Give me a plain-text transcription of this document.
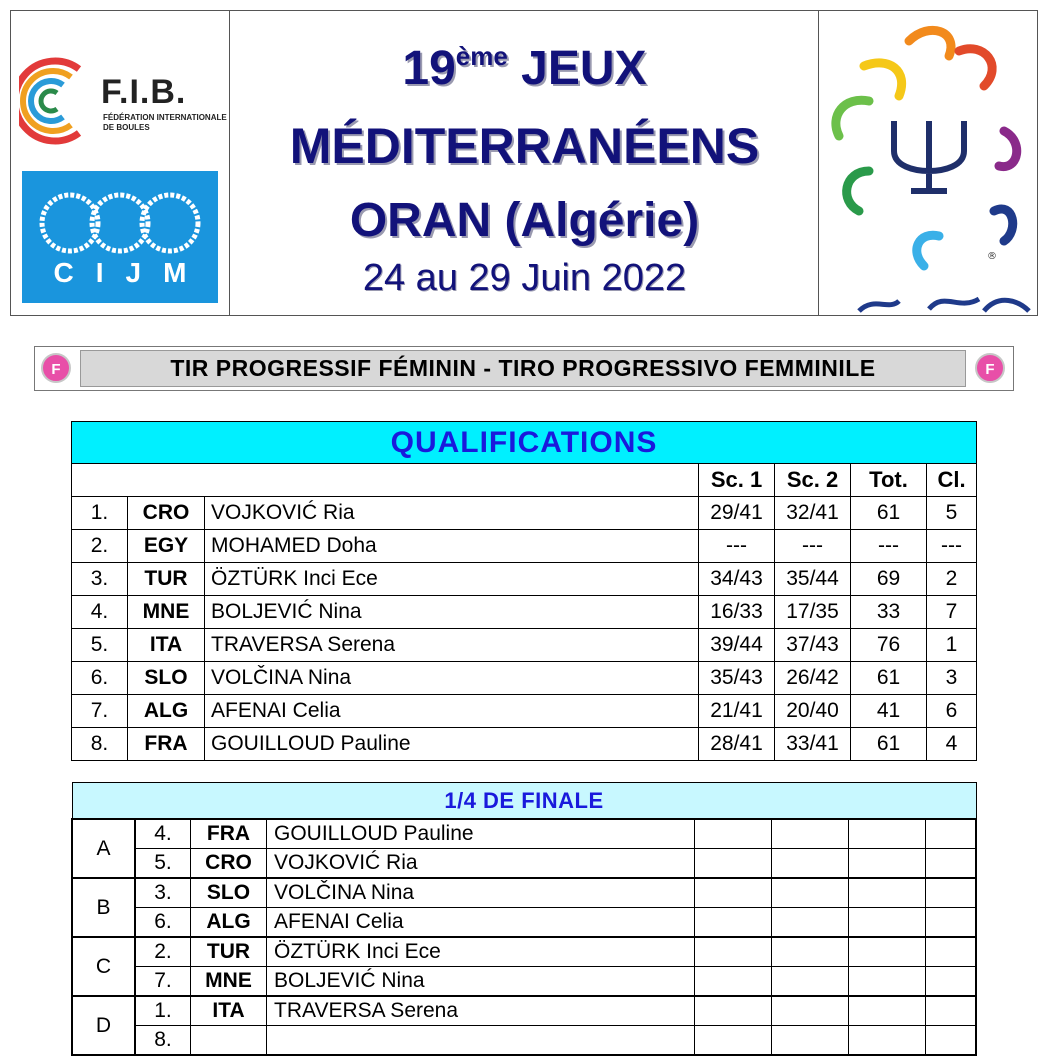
F.I.B.
FÉDÉRATION INTERNATIONALE DE BOULES
CIJM
19ème JEUX
MÉDITERRANÉENS
ORAN (Algérie)
24 au 29 Juin 2022
®
F	TIR PROGRESSIF FÉMININ - TIRO PROGRESSIVO FEMMINILE	F
QUALIFICATIONS						
			Sc. 1	Sc. 2	Tot.	Cl.
1.	CRO	VOJKOVIĆ Ria	29/41	32/41	61	5
2.	EGY	MOHAMED Doha	---	---	---	---
3.	TUR	ÖZTÜRK Inci Ece	34/43	35/44	69	2
4.	MNE	BOLJEVIĆ Nina	16/33	17/35	33	7
5.	ITA	TRAVERSA Serena	39/44	37/43	76	1
6.	SLO	VOLČINA Nina	35/43	26/42	61	3
7.	ALG	AFENAI Celia	21/41	20/40	41	6
8.	FRA	GOUILLOUD Pauline	28/41	33/41	61	4
1/4 DE FINALE							
A	4.	FRA	GOUILLOUD Pauline				
	5.	CRO	VOJKOVIĆ Ria				
B	3.	SLO	VOLČINA Nina				
	6.	ALG	AFENAI Celia				
C	2.	TUR	ÖZTÜRK Inci Ece				
	7.	MNE	BOLJEVIĆ Nina				
D	1.	ITA	TRAVERSA Serena				
	8.						
